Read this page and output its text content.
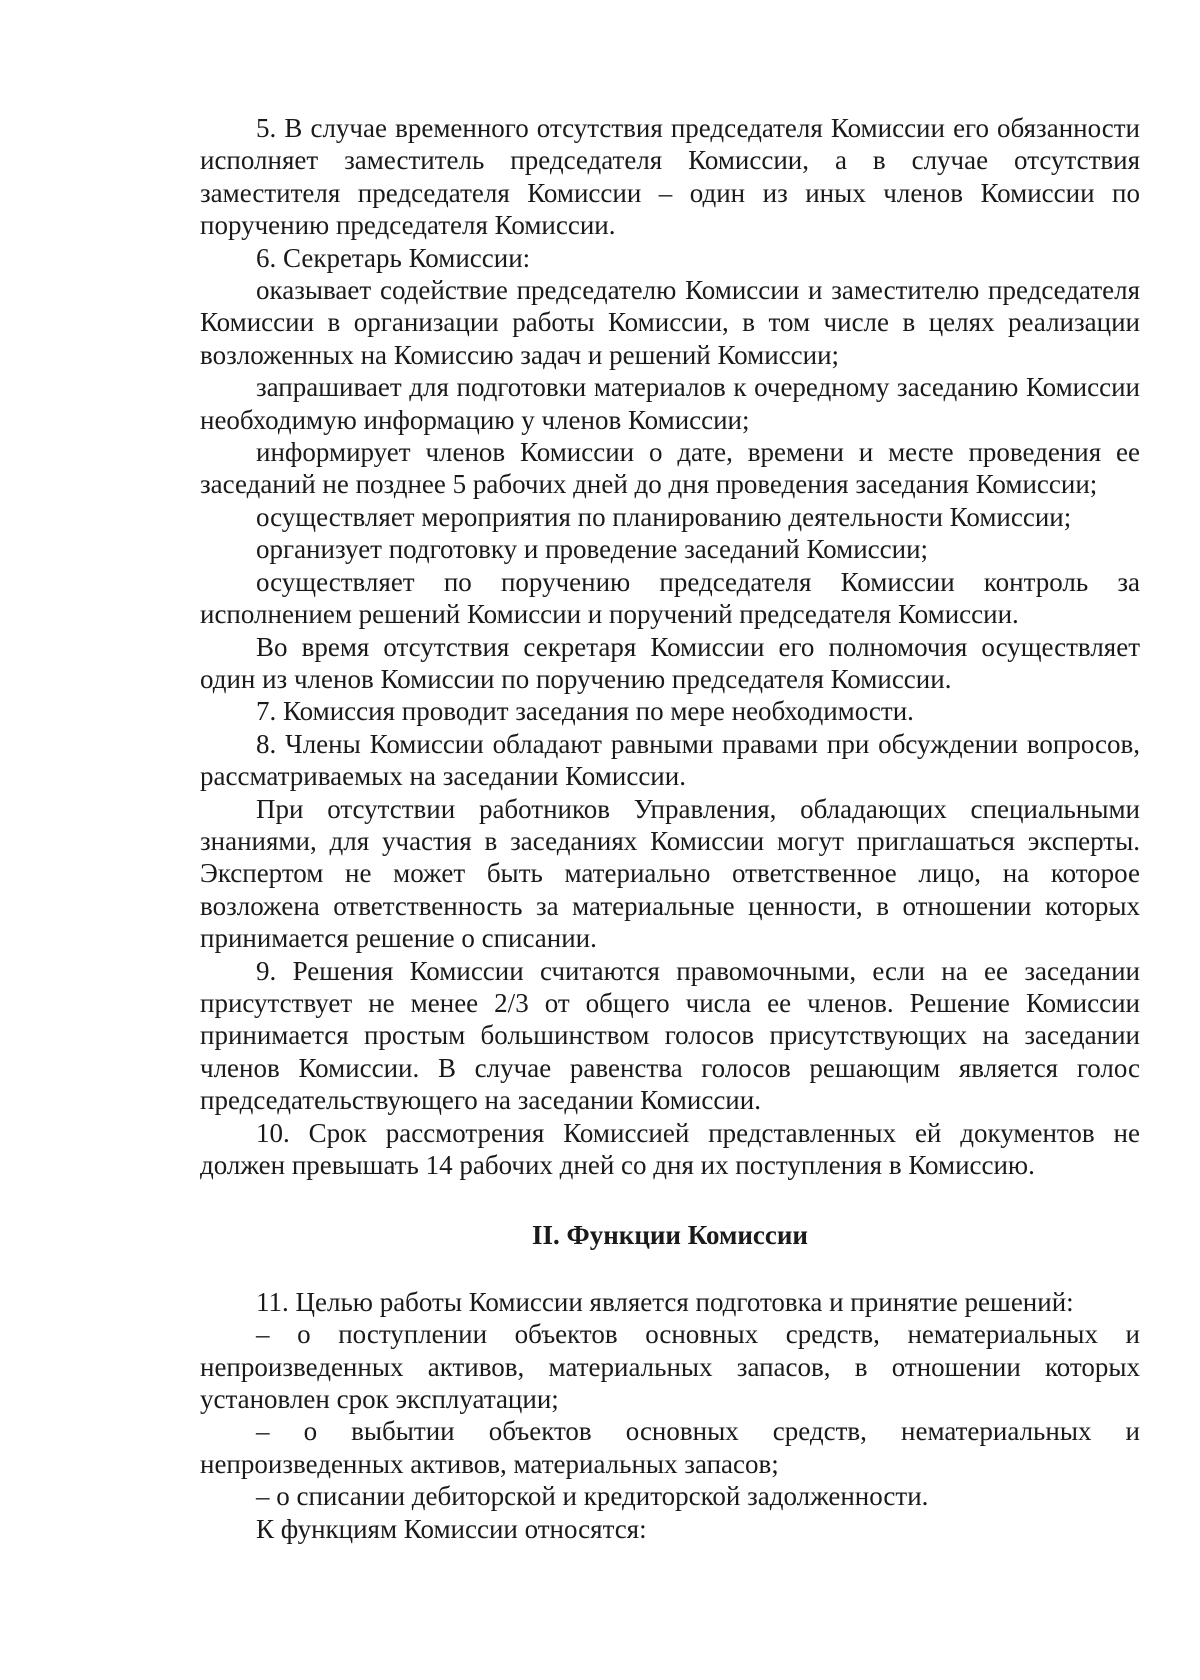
5. В случае временного отсутствия председателя Комиссии его обязанности исполняет заместитель председателя Комиссии, а в случае отсутствия заместителя председателя Комиссии – один из иных членов Комиссии по поручению председателя Комиссии.

6. Секретарь Комиссии:

оказывает содействие председателю Комиссии и заместителю председателя Комиссии в организации работы Комиссии, в том числе в целях реализации возложенных на Комиссию задач и решений Комиссии;

запрашивает для подготовки материалов к очередному заседанию Комиссии необходимую информацию у членов Комиссии;

информирует членов Комиссии о дате, времени и месте проведения ее заседаний не позднее 5 рабочих дней до дня проведения заседания Комиссии;

осуществляет мероприятия по планированию деятельности Комиссии;

организует подготовку и проведение заседаний Комиссии;

осуществляет по поручению председателя Комиссии контроль за исполнением решений Комиссии и поручений председателя Комиссии.

Во время отсутствия секретаря Комиссии его полномочия осуществляет один из членов Комиссии по поручению председателя Комиссии.

7. Комиссия проводит заседания по мере необходимости.

8. Члены Комиссии обладают равными правами при обсуждении вопросов, рассматриваемых на заседании Комиссии.

При отсутствии работников Управления, обладающих специальными знаниями, для участия в заседаниях Комиссии могут приглашаться эксперты. Экспертом не может быть материально ответственное лицо, на которое возложена ответственность за материальные ценности, в отношении которых принимается решение о списании.

9. Решения Комиссии считаются правомочными, если на ее заседании присутствует не менее 2/3 от общего числа ее членов. Решение Комиссии принимается простым большинством голосов присутствующих на заседании членов Комиссии. В случае равенства голосов решающим является голос председательствующего на заседании Комиссии.

10. Срок рассмотрения Комиссией представленных ей документов не должен превышать 14 рабочих дней со дня их поступления в Комиссию.

II. Функции Комиссии

11. Целью работы Комиссии является подготовка и принятие решений:

– о поступлении объектов основных средств, нематериальных и непроизведенных активов, материальных запасов, в отношении которых установлен срок эксплуатации;

– о выбытии объектов основных средств, нематериальных и непроизведенных активов, материальных запасов;

– о списании дебиторской и кредиторской задолженности.

К функциям Комиссии относятся:
